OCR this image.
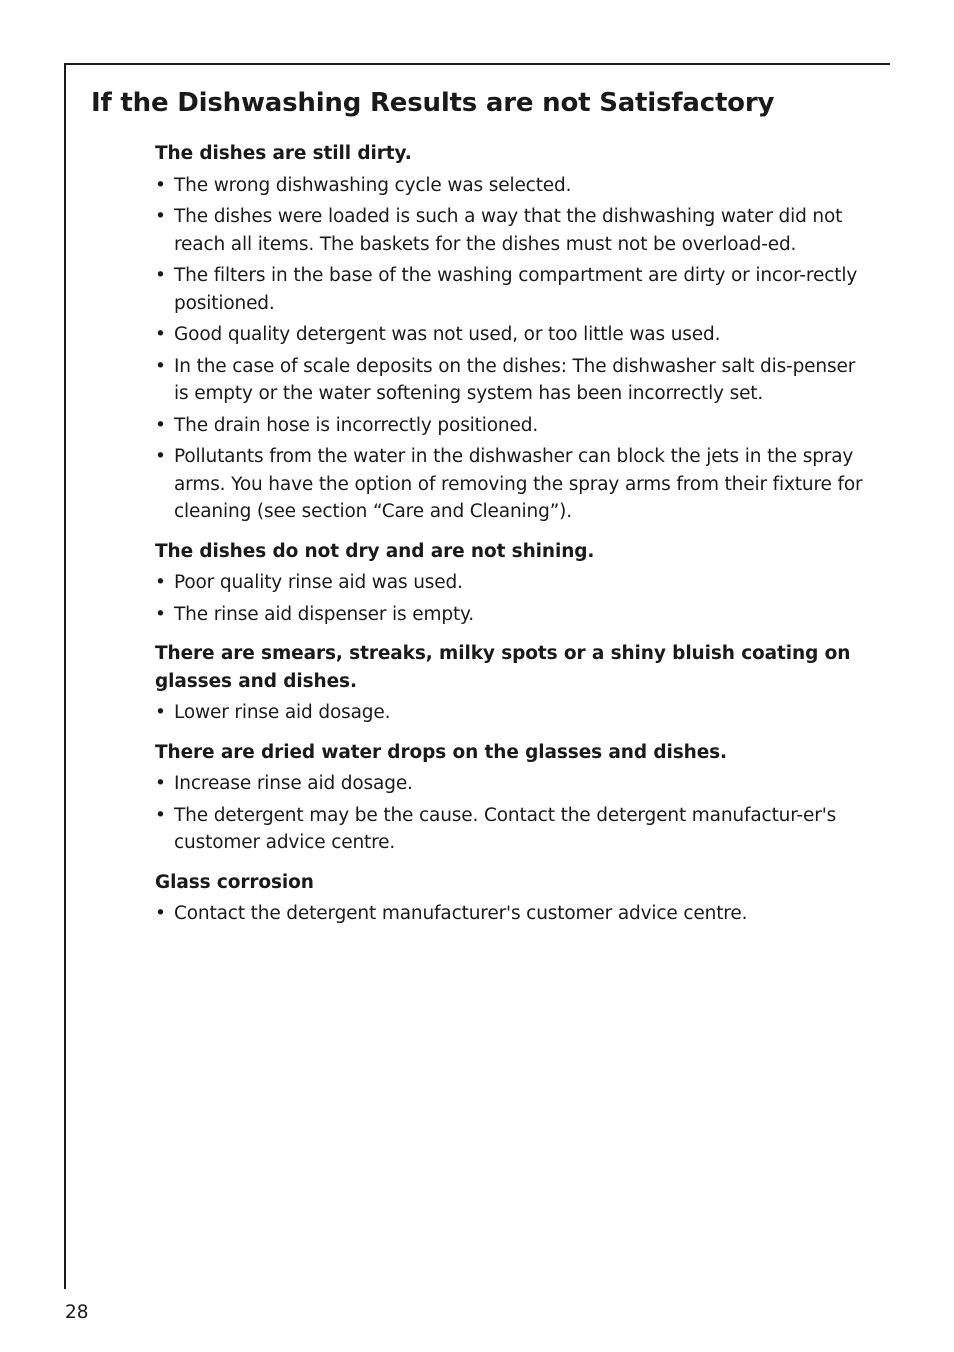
If the Dishwashing Results are not Satisfactory
The dishes are still dirty.
• The wrong dishwashing cycle was selected.
• The dishes were loaded is such a way that the dishwashing water did not reach all items. The baskets for the dishes must not be overload-ed.
• The filters in the base of the washing compartment are dirty or incor-rectly positioned.
• Good quality detergent was not used, or too little was used.
• In the case of scale deposits on the dishes: The dishwasher salt dis-penser is empty or the water softening system has been incorrectly set.
• The drain hose is incorrectly positioned.
• Pollutants from the water in the dishwasher can block the jets in the spray arms. You have the option of removing the spray arms from their fixture for cleaning (see section “Care and Cleaning”).
The dishes do not dry and are not shining.
• Poor quality rinse aid was used.
• The rinse aid dispenser is empty.
There are smears, streaks, milky spots or a shiny bluish coating on glasses and dishes.
• Lower rinse aid dosage.
There are dried water drops on the glasses and dishes.
• Increase rinse aid dosage.
• The detergent may be the cause. Contact the detergent manufactur-er's customer advice centre.
Glass corrosion
• Contact the detergent manufacturer's customer advice centre.
28
